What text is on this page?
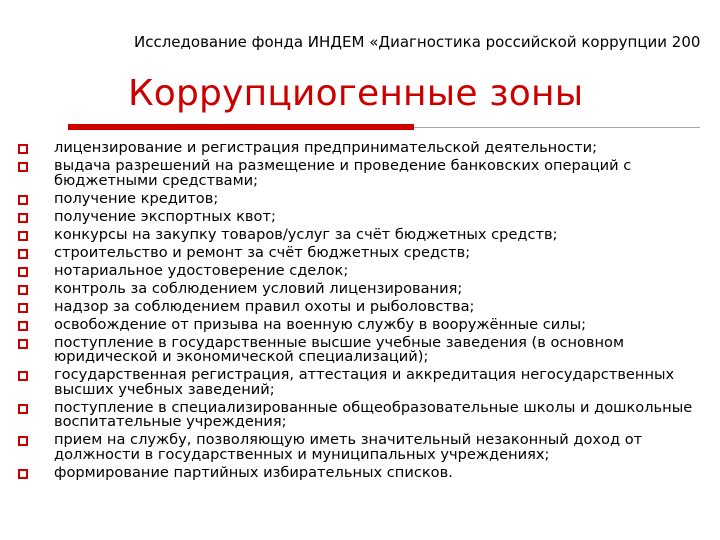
Исследование фонда ИНДЕМ «Диагностика российской коррупции 200
Коррупциогенные зоны
лицензирование и регистрация предпринимательской деятельности;
выдача разрешений на размещение и проведение банковских операций с бюджетными средствами;
получение кредитов;
получение экспортных квот;
конкурсы на закупку товаров/услуг за счёт бюджетных средств;
строительство и ремонт за счёт бюджетных средств;
нотариальное удостоверение сделок;
контроль за соблюдением условий лицензирования;
надзор за соблюдением правил охоты и рыболовства;
освобождение от призыва на военную службу в вооружённые силы;
поступление в государственные высшие учебные заведения (в основном юридической и экономической специализаций);
государственная регистрация, аттестация и аккредитация негосударственных высших учебных заведений;
поступление в специализированные общеобразовательные школы и дошкольные воспитательные учреждения;
прием на службу, позволяющую иметь значительный незаконный доход от должности в государственных и муниципальных учреждениях;
формирование партийных избирательных списков.
